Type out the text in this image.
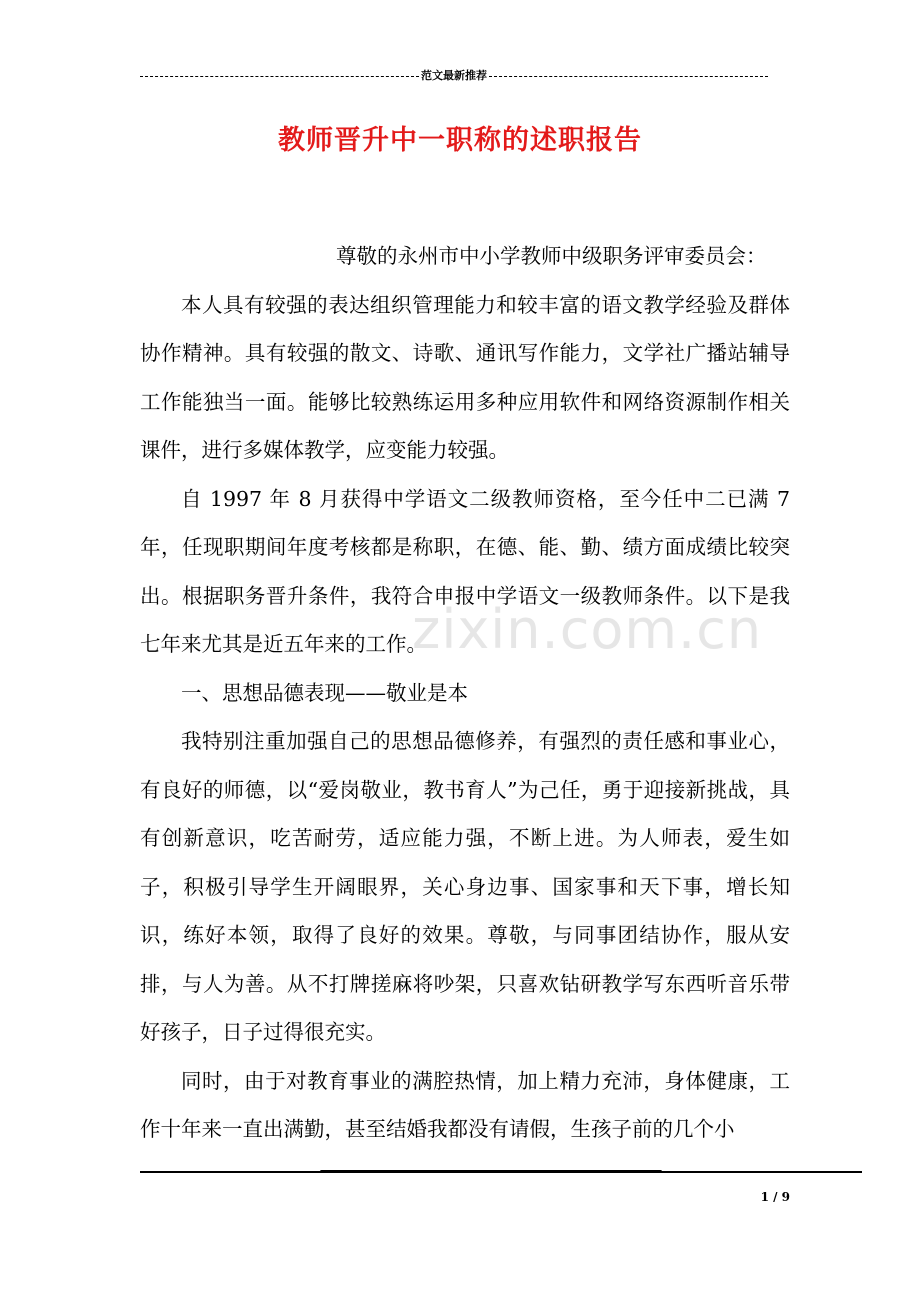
范文最新推荐
教师晋升中一职称的述职报告
zixin.com.cn

尊敬的永州市中小学教师中级职务评审委员会：

本人具有较强的表达组织管理能力和较丰富的语文教学经验及群体协作精神。具有较强的散文、诗歌、通讯写作能力，文学社广播站辅导工作能独当一面。能够比较熟练运用多种应用软件和网络资源制作相关课件，进行多媒体教学，应变能力较强。

自 1997 年 8 月获得中学语文二级教师资格，至今任中二已满 7 年，任现职期间年度考核都是称职，在德、能、勤、绩方面成绩比较突出。根据职务晋升条件，我符合申报中学语文一级教师条件。以下是我七年来尤其是近五年来的工作。

一、思想品德表现——敬业是本

我特别注重加强自己的思想品德修养，有强烈的责任感和事业心，有良好的师德，以“爱岗敬业，教书育人”为己任，勇于迎接新挑战，具有创新意识，吃苦耐劳，适应能力强，不断上进。为人师表，爱生如子，积极引导学生开阔眼界，关心身边事、国家事和天下事，增长知识，练好本领，取得了良好的效果。尊敬，与同事团结协作，服从安排，与人为善。从不打牌搓麻将吵架，只喜欢钻研教学写东西听音乐带好孩子，日子过得很充实。

同时，由于对教育事业的满腔热情，加上精力充沛，身体健康，工作十年来一直出满勤，甚至结婚我都没有请假，生孩子前的几个小

1 / 9
